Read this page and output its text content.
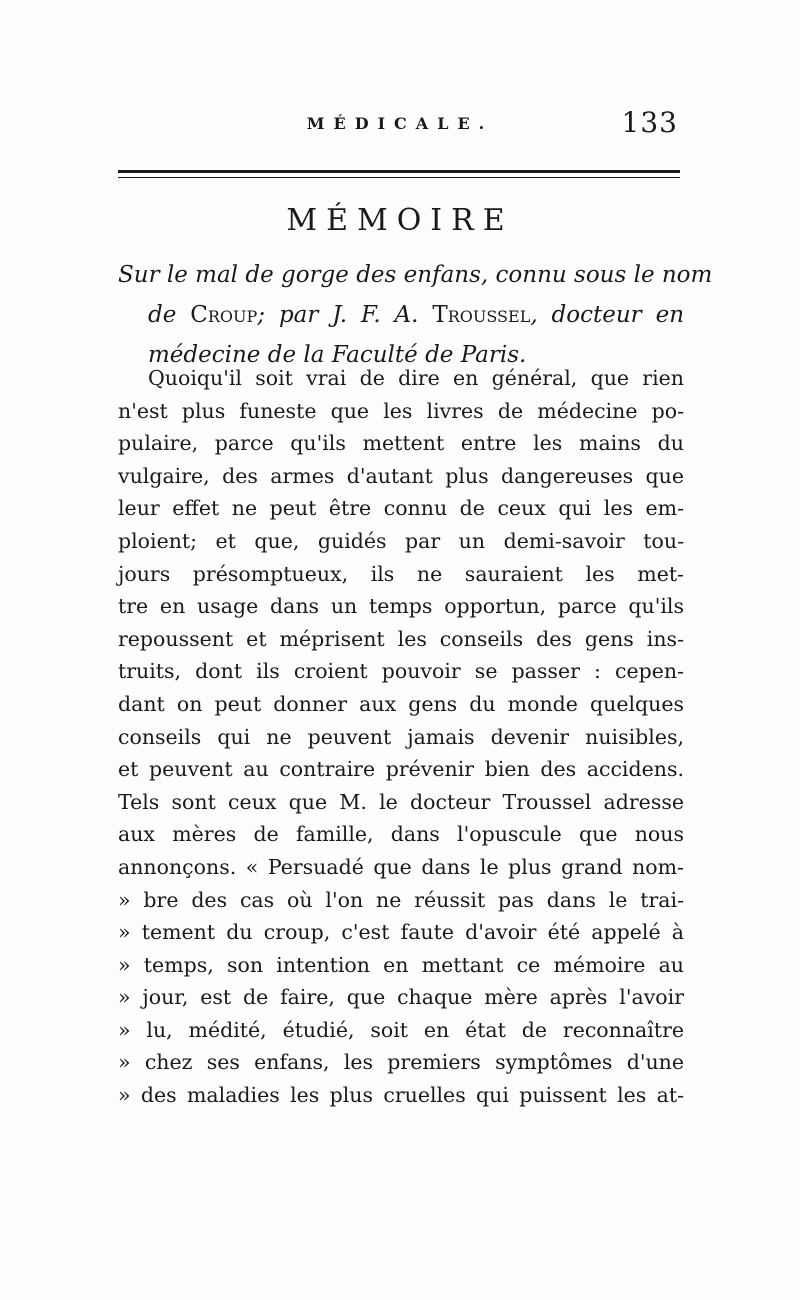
MÉDICALE.	133
MÉMOIRE
Sur le mal de gorge des enfans, connu sous le nom
de Croup; par J. F. A. Troussel, docteur en
médecine de la Faculté de Paris.
Quoiqu'il soit vrai de dire en général, que rien
n'est plus funeste que les livres de médecine po-
pulaire, parce qu'ils mettent entre les mains du
vulgaire, des armes d'autant plus dangereuses que
leur effet ne peut être connu de ceux qui les em-
ploient; et que, guidés par un demi-savoir tou-
jours présomptueux, ils ne sauraient les met-
tre en usage dans un temps opportun, parce qu'ils
repoussent et méprisent les conseils des gens ins-
truits, dont ils croient pouvoir se passer : cepen-
dant on peut donner aux gens du monde quelques
conseils qui ne peuvent jamais devenir nuisibles,
et peuvent au contraire prévenir bien des accidens.
Tels sont ceux que M. le docteur Troussel adresse
aux mères de famille, dans l'opuscule que nous
annonçons. « Persuadé que dans le plus grand nom-
» bre des cas où l'on ne réussit pas dans le trai-
» tement du croup, c'est faute d'avoir été appelé à
» temps, son intention en mettant ce mémoire au
» jour, est de faire, que chaque mère après l'avoir
» lu, médité, étudié, soit en état de reconnaître
» chez ses enfans, les premiers symptômes d'une
» des maladies les plus cruelles qui puissent les at-
